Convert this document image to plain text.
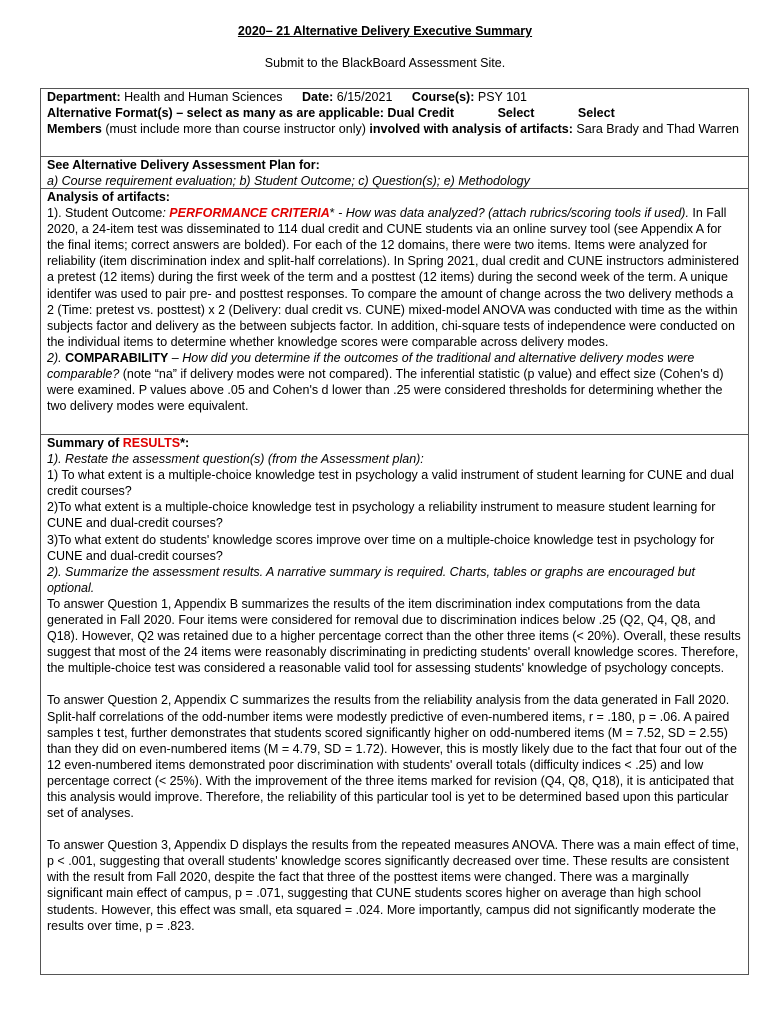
2020– 21 Alternative Delivery Executive Summary
Submit to the BlackBoard Assessment Site.
Department: Health and Human Sciences Date: 6/15/2021 Course(s): PSY 101
Alternative Format(s) – select as many as are applicable: Dual Credit	Select	Select
Members (must include more than course instructor only) involved with analysis of artifacts: Sara Brady and Thad Warren
See Alternative Delivery Assessment Plan for:
a) Course requirement evaluation; b) Student Outcome; c) Question(s); e) Methodology
Analysis of artifacts:
1). Student Outcome: PERFORMANCE CRITERIA* - How was data analyzed? (attach rubrics/scoring tools if used). In Fall 2020, a 24-item test was disseminated to 114 dual credit and CUNE students via an online survey tool (see Appendix A for the final items; correct answers are bolded). For each of the 12 domains, there were two items. Items were analyzed for reliability (item discrimination index and split-half correlations). In Spring 2021, dual credit and CUNE instructors administered a pretest (12 items) during the first week of the term and a posttest (12 items) during the second week of the term. A unique identifer was used to pair pre- and posttest responses. To compare the amount of change across the two delivery methods a 2 (Time: pretest vs. posttest) x 2 (Delivery: dual credit vs. CUNE) mixed-model ANOVA was conducted with time as the within subjects factor and delivery as the between subjects factor. In addition, chi-square tests of independence were conducted on the individual items to determine whether knowledge scores were comparable across delivery modes.
2). COMPARABILITY – How did you determine if the outcomes of the traditional and alternative delivery modes were comparable? (note “na” if delivery modes were not compared). The inferential statistic (p value) and effect size (Cohen's d) were examined. P values above .05 and Cohen's d lower than .25 were considered thresholds for determining whether the two delivery modes were equivalent.
Summary of RESULTS*:
1). Restate the assessment question(s) (from the Assessment plan):
1) To what extent is a multiple-choice knowledge test in psychology a valid instrument of student learning for CUNE and dual credit courses?
2)To what extent is a multiple-choice knowledge test in psychology a reliability instrument to measure student learning for CUNE and dual-credit courses?
3)To what extent do students' knowledge scores improve over time on a multiple-choice knowledge test in psychology for CUNE and dual-credit courses?
2). Summarize the assessment results. A narrative summary is required. Charts, tables or graphs are encouraged but optional.
To answer Question 1, Appendix B summarizes the results of the item discrimination index computations from the data generated in Fall 2020. Four items were considered for removal due to discrimination indices below .25 (Q2, Q4, Q8, and Q18). However, Q2 was retained due to a higher percentage correct than the other three items (< 20%). Overall, these results suggest that most of the 24 items were reasonably discriminating in predicting students' overall knowledge scores. Therefore, the multiple-choice test was considered a reasonable valid tool for assessing students' knowledge of psychology concepts.
To answer Question 2, Appendix C summarizes the results from the reliability analysis from the data generated in Fall 2020. Split-half correlations of the odd-number items were modestly predictive of even-numbered items, r = .180, p = .06. A paired samples t test, further demonstrates that students scored significantly higher on odd-numbered items (M = 7.52, SD = 2.55) than they did on even-numbered items (M = 4.79, SD = 1.72). However, this is mostly likely due to the fact that four out of the 12 even-numbered items demonstrated poor discrimination with students' overall totals (difficulty indices < .25) and low percentage correct (< 25%). With the improvement of the three items marked for revision (Q4, Q8, Q18), it is anticipated that this analysis would improve. Therefore, the reliability of this particular tool is yet to be determined based upon this particular set of analyses.
To answer Question 3, Appendix D displays the results from the repeated measures ANOVA. There was a main effect of time, p < .001, suggesting that overall students' knowledge scores significantly decreased over time. These results are consistent with the result from Fall 2020, despite the fact that three of the posttest items were changed. There was a marginally significant main effect of campus, p = .071, suggesting that CUNE students scores higher on average than high school students. However, this effect was small, eta squared = .024. More importantly, campus did not significantly moderate the results over time, p = .823.
